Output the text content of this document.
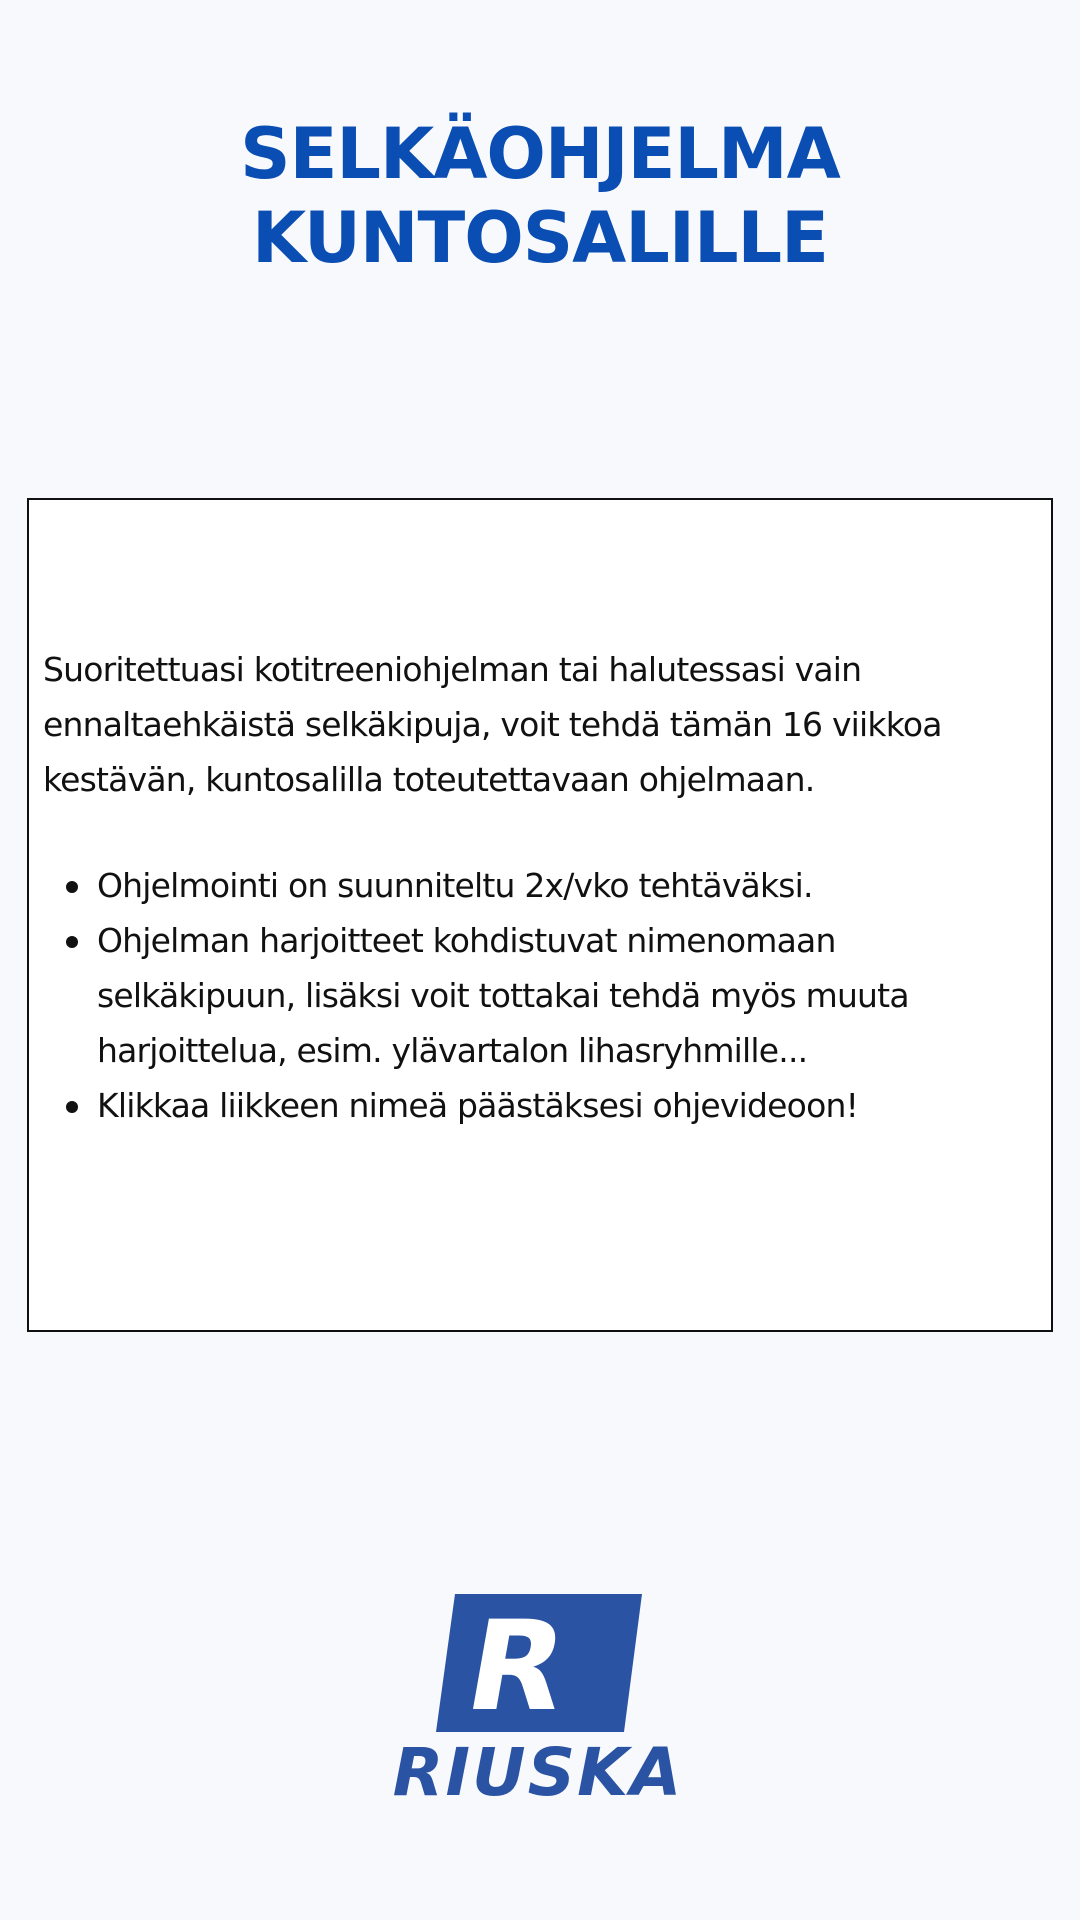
SELKÄOHJELMA
KUNTOSALILLE

Suoritettuasi kotitreeniohjelman tai halutessasi vain ennaltaehkäistä selkäkipuja, voit tehdä tämän 16 viikkoa kestävän, kuntosalilla toteutettavaan ohjelmaan.

Ohjelmointi on suunniteltu 2x/vko tehtäväksi.
Ohjelman harjoitteet kohdistuvat nimenomaan selkäkipuun, lisäksi voit tottakai tehdä myös muuta harjoittelua, esim. ylävartalon lihasryhmille...
Klikkaa liikkeen nimeä päästäksesi ohjevideoon!
R
RIUSKA
